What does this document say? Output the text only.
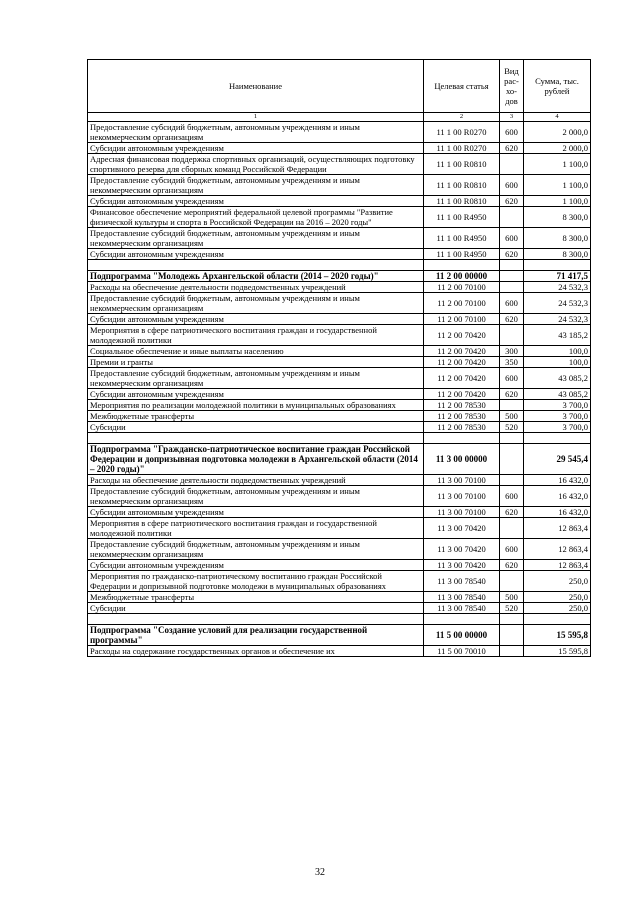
Наименование	Целевая статья	Вид рас-хо-дов	Сумма, тыс. рублей
1	2	3	4
Предоставление субсидий бюджетным, автономным учреждениям и иным некоммерческим организациям	11 1 00 R0270	600	2 000,0
Субсидии автономным учреждениям	11 1 00 R0270	620	2 000,0
Адресная финансовая поддержка спортивных организаций, осуществляющих подготовку спортивного резерва для сборных команд Российской Федерации	11 1 00 R0810		1 100,0
Предоставление субсидий бюджетным, автономным учреждениям и иным некоммерческим организациям	11 1 00 R0810	600	1 100,0
Субсидии автономным учреждениям	11 1 00 R0810	620	1 100,0
Финансовое обеспечение мероприятий федеральной целевой программы "Развитие физической культуры и спорта в Российской Федерации на 2016 – 2020 годы"	11 1 00 R4950		8 300,0
Предоставление субсидий бюджетным, автономным учреждениям и иным некоммерческим организациям	11 1 00 R4950	600	8 300,0
Субсидии автономным учреждениям	11 1 00 R4950	620	8 300,0

Подпрограмма "Молодежь Архангельской области (2014 – 2020 годы)"	11 2 00 00000		71 417,5
Расходы на обеспечение деятельности подведомственных учреждений	11 2 00 70100		24 532,3
Предоставление субсидий бюджетным, автономным учреждениям и иным некоммерческим организациям	11 2 00 70100	600	24 532,3
Субсидии автономным учреждениям	11 2 00 70100	620	24 532,3
Мероприятия в сфере патриотического воспитания граждан и государственной молодежной политики	11 2 00 70420		43 185,2
Социальное обеспечение и иные выплаты населению	11 2 00 70420	300	100,0
Премии и гранты	11 2 00 70420	350	100,0
Предоставление субсидий бюджетным, автономным учреждениям и иным некоммерческим организациям	11 2 00 70420	600	43 085,2
Субсидии автономным учреждениям	11 2 00 70420	620	43 085,2
Мероприятия по реализации молодежной политики в муниципальных образованиях	11 2 00 78530		3 700,0
Межбюджетные трансферты	11 2 00 78530	500	3 700,0
Субсидии	11 2 00 78530	520	3 700,0

Подпрограмма "Гражданско-патриотическое воспитание граждан Российской Федерации и допризывная подготовка молодежи в Архангельской области (2014 – 2020 годы)"	11 3 00 00000		29 545,4
Расходы на обеспечение деятельности подведомственных учреждений	11 3 00 70100		16 432,0
Предоставление субсидий бюджетным, автономным учреждениям и иным некоммерческим организациям	11 3 00 70100	600	16 432,0
Субсидии автономным учреждениям	11 3 00 70100	620	16 432,0
Мероприятия в сфере патриотического воспитания граждан и государственной молодежной политики	11 3 00 70420		12 863,4
Предоставление субсидий бюджетным, автономным учреждениям и иным некоммерческим организациям	11 3 00 70420	600	12 863,4
Субсидии автономным учреждениям	11 3 00 70420	620	12 863,4
Мероприятия по гражданско-патриотическому воспитанию граждан Российской Федерации и допризывной подготовке молодежи в муниципальных образованиях	11 3 00 78540		250,0
Межбюджетные трансферты	11 3 00 78540	500	250,0
Субсидии	11 3 00 78540	520	250,0

Подпрограмма "Создание условий для реализации государственной программы"	11 5 00 00000		15 595,8
Расходы на содержание государственных органов и обеспечение их	11 5 00 70010		15 595,8
32
